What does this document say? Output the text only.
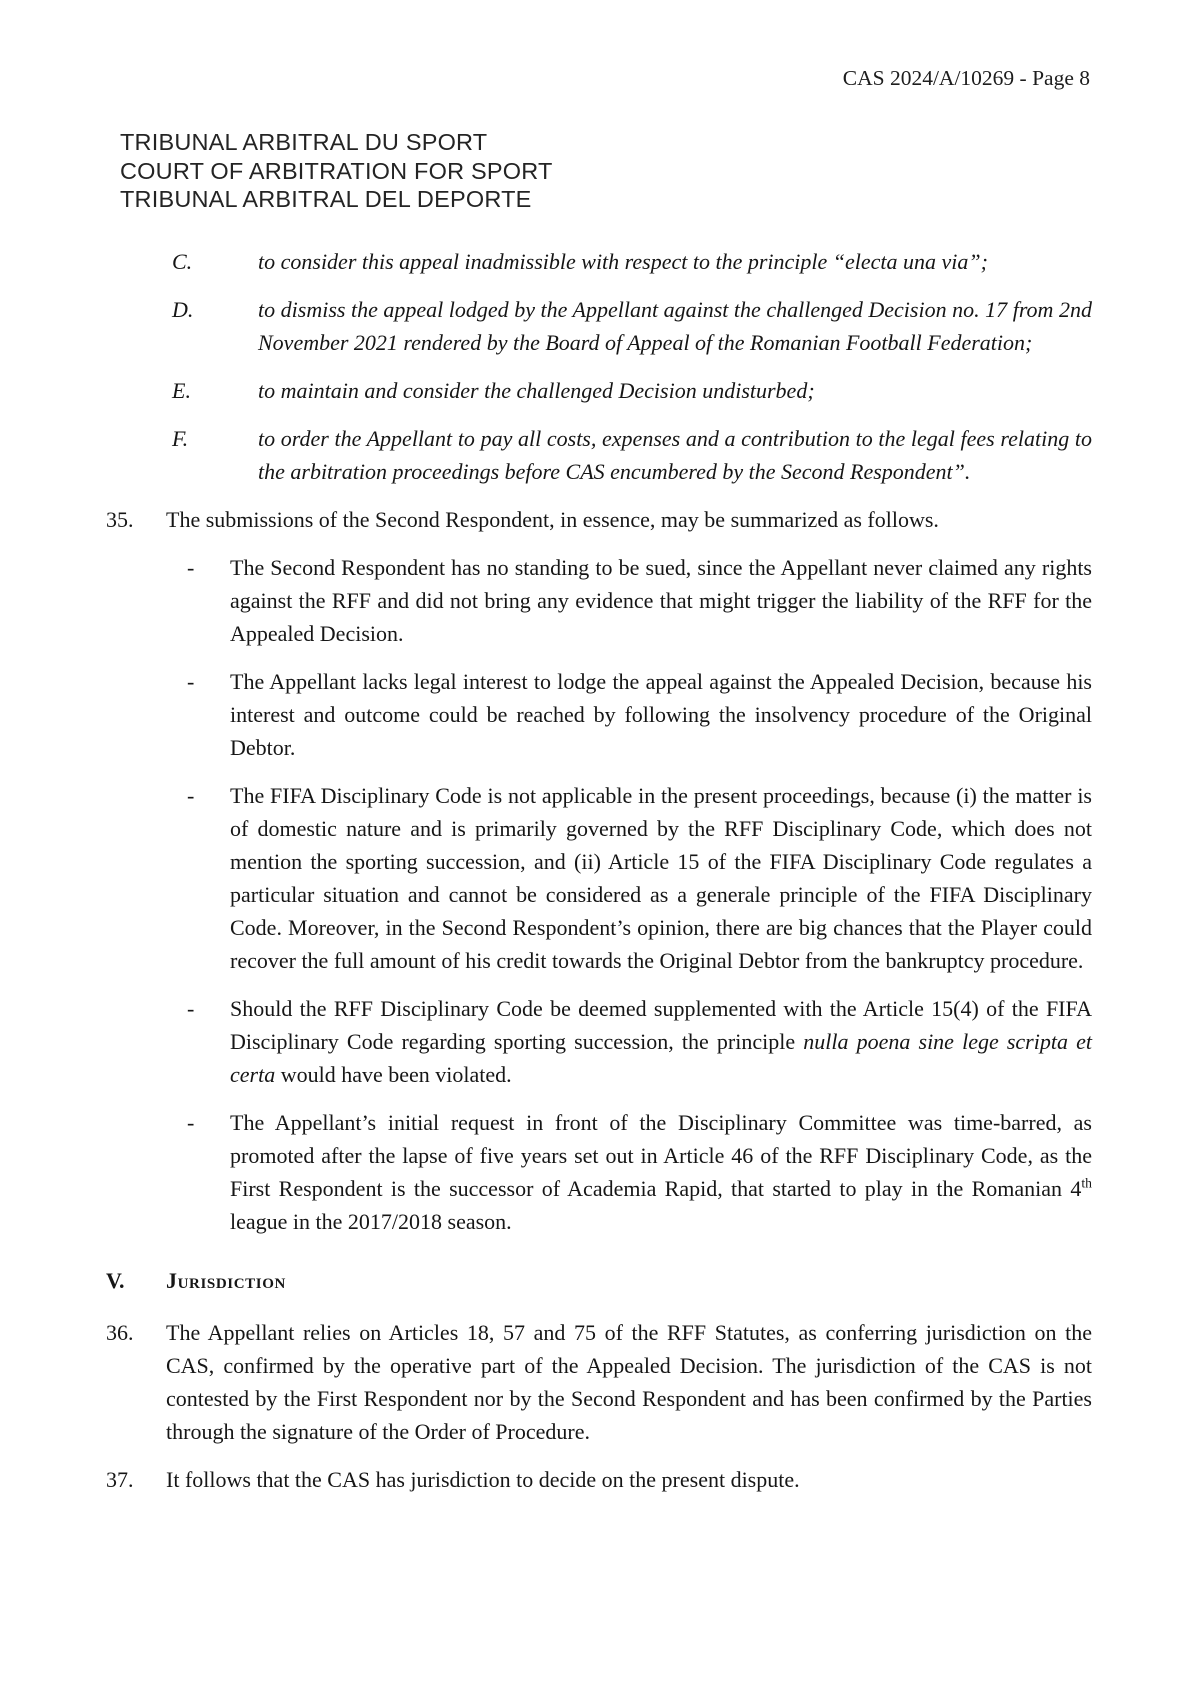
CAS 2024/A/10269 - Page 8
TRIBUNAL ARBITRAL DU SPORT
COURT OF ARBITRATION FOR SPORT
TRIBUNAL ARBITRAL DEL DEPORTE
C.	to consider this appeal inadmissible with respect to the principle “electa una via”;
D.	to dismiss the appeal lodged by the Appellant against the challenged Decision no. 17 from 2nd November 2021 rendered by the Board of Appeal of the Romanian Football Federation;
E.	to maintain and consider the challenged Decision undisturbed;
F.	to order the Appellant to pay all costs, expenses and a contribution to the legal fees relating to the arbitration proceedings before CAS encumbered by the Second Respondent”.
35.	The submissions of the Second Respondent, in essence, may be summarized as follows.
-	The Second Respondent has no standing to be sued, since the Appellant never claimed any rights against the RFF and did not bring any evidence that might trigger the liability of the RFF for the Appealed Decision.
-	The Appellant lacks legal interest to lodge the appeal against the Appealed Decision, because his interest and outcome could be reached by following the insolvency procedure of the Original Debtor.
-	The FIFA Disciplinary Code is not applicable in the present proceedings, because (i) the matter is of domestic nature and is primarily governed by the RFF Disciplinary Code, which does not mention the sporting succession, and (ii) Article 15 of the FIFA Disciplinary Code regulates a particular situation and cannot be considered as a generale principle of the FIFA Disciplinary Code. Moreover, in the Second Respondent’s opinion, there are big chances that the Player could recover the full amount of his credit towards the Original Debtor from the bankruptcy procedure.
-	Should the RFF Disciplinary Code be deemed supplemented with the Article 15(4) of the FIFA Disciplinary Code regarding sporting succession, the principle nulla poena sine lege scripta et certa would have been violated.
-	The Appellant’s initial request in front of the Disciplinary Committee was time-barred, as promoted after the lapse of five years set out in Article 46 of the RFF Disciplinary Code, as the First Respondent is the successor of Academia Rapid, that started to play in the Romanian 4th league in the 2017/2018 season.
V.	Jurisdiction
36.	The Appellant relies on Articles 18, 57 and 75 of the RFF Statutes, as conferring jurisdiction on the CAS, confirmed by the operative part of the Appealed Decision. The jurisdiction of the CAS is not contested by the First Respondent nor by the Second Respondent and has been confirmed by the Parties through the signature of the Order of Procedure.
37.	It follows that the CAS has jurisdiction to decide on the present dispute.
